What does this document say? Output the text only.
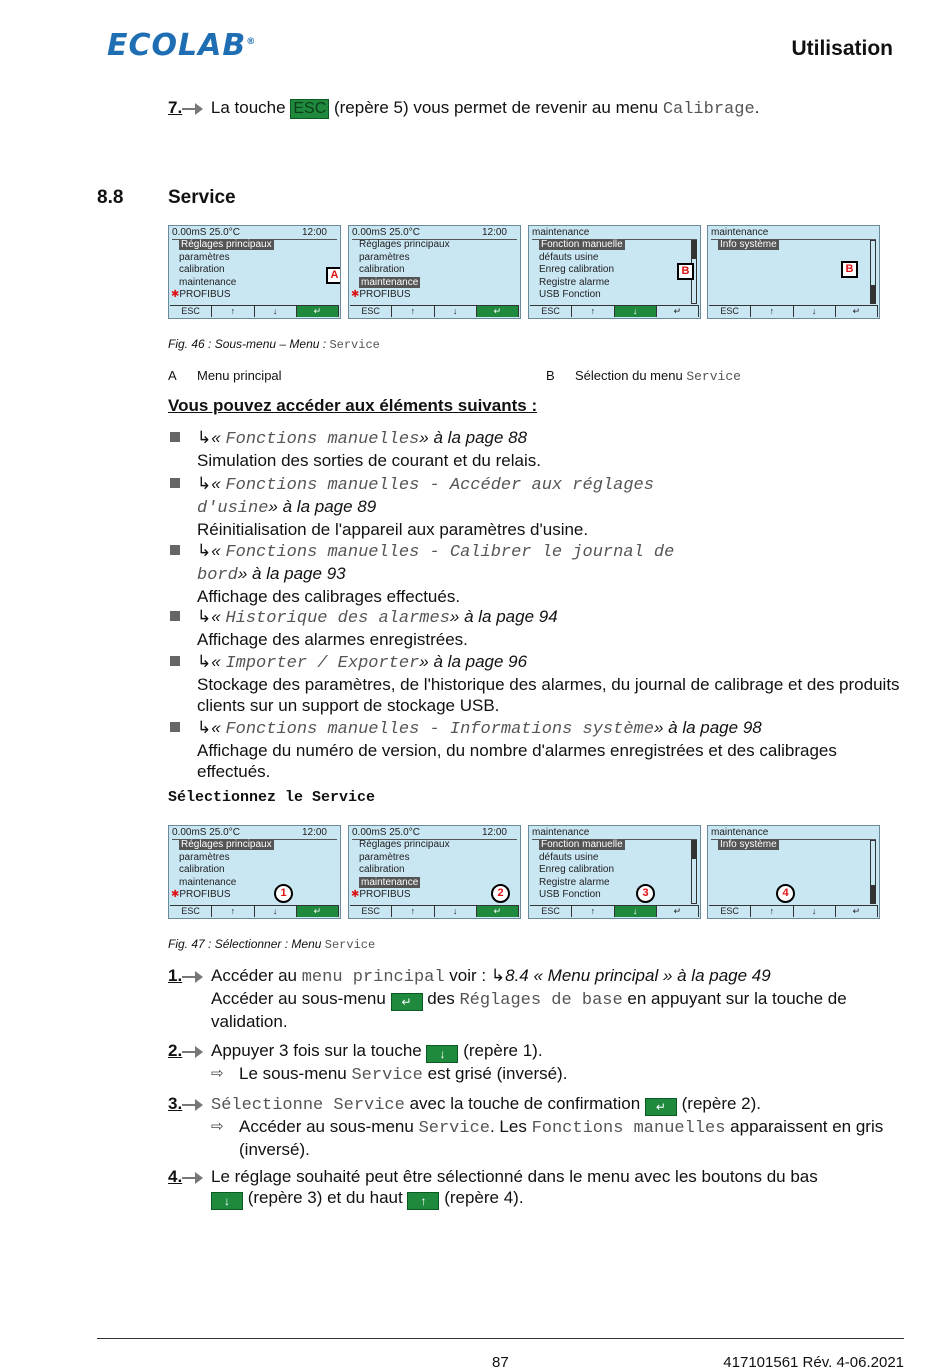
ECOLAB®	Utilisation
7. La touche ESC (repère 5) vous permet de revenir au menu Calibrage.
8.8 Service
0.00mS 25.0°C	12:00
Réglages principaux
paramètres
calibration
maintenance
✱PROFIBUS
ESC	↑	↓	↵
A
0.00mS 25.0°C	12:00
Réglages principaux
paramètres
calibration
maintenance
✱PROFIBUS
ESC	↑	↓	↵
maintenance
Fonction manuelle
défauts usine
Enreg calibration
Registre alarme
USB Fonction
ESC	↑	↓	↵
B
maintenance
Info système
ESC	↑	↓	↵
B
Fig. 46 : Sous-menu – Menu : Service
A Menu principal	B Sélection du menu Service
Vous pouvez accéder aux éléments suivants :
↳« Fonctions manuelles» à la page 88
Simulation des sorties de courant et du relais.
↳« Fonctions manuelles - Accéder aux réglages
d'usine» à la page 89
Réinitialisation de l'appareil aux paramètres d'usine.
↳« Fonctions manuelles - Calibrer le journal de
bord» à la page 93
Affichage des calibrages effectués.
↳« Historique des alarmes» à la page 94
Affichage des alarmes enregistrées.
↳« Importer / Exporter» à la page 96
Stockage des paramètres, de l'historique des alarmes, du journal de calibrage et des produits clients sur un support de stockage USB.
↳« Fonctions manuelles - Informations système» à la page 98
Affichage du numéro de version, du nombre d'alarmes enregistrées et des calibrages effectués.
Sélectionnez le Service
0.00mS 25.0°C	12:00
Réglages principaux
paramètres
calibration
maintenance
✱PROFIBUS
ESC	↑	↓	↵
1
0.00mS 25.0°C	12:00
Réglages principaux
paramètres
calibration
maintenance
✱PROFIBUS
ESC	↑	↓	↵
2
maintenance
Fonction manuelle
défauts usine
Enreg calibration
Registre alarme
USB Fonction
ESC	↑	↓	↵
3
maintenance
Info système
ESC	↑	↓	↵
4
Fig. 47 : Sélectionner : Menu Service
1. Accéder au menu principal voir : ↳8.4 « Menu principal » à la page 49
Accéder au sous-menu ↵ des Réglages de base en appuyant sur la touche de validation.
2. Appuyer 3 fois sur la touche ↓ (repère 1).
⇨ Le sous-menu Service est grisé (inversé).
3. Sélectionne Service avec la touche de confirmation ↵ (repère 2).
⇨ Accéder au sous-menu Service. Les Fonctions manuelles apparaissent en gris (inversé).
4. Le réglage souhaité peut être sélectionné dans le menu avec les boutons du bas
↓ (repère 3) et du haut ↑ (repère 4).
87	417101561 Rév. 4-06.2021
